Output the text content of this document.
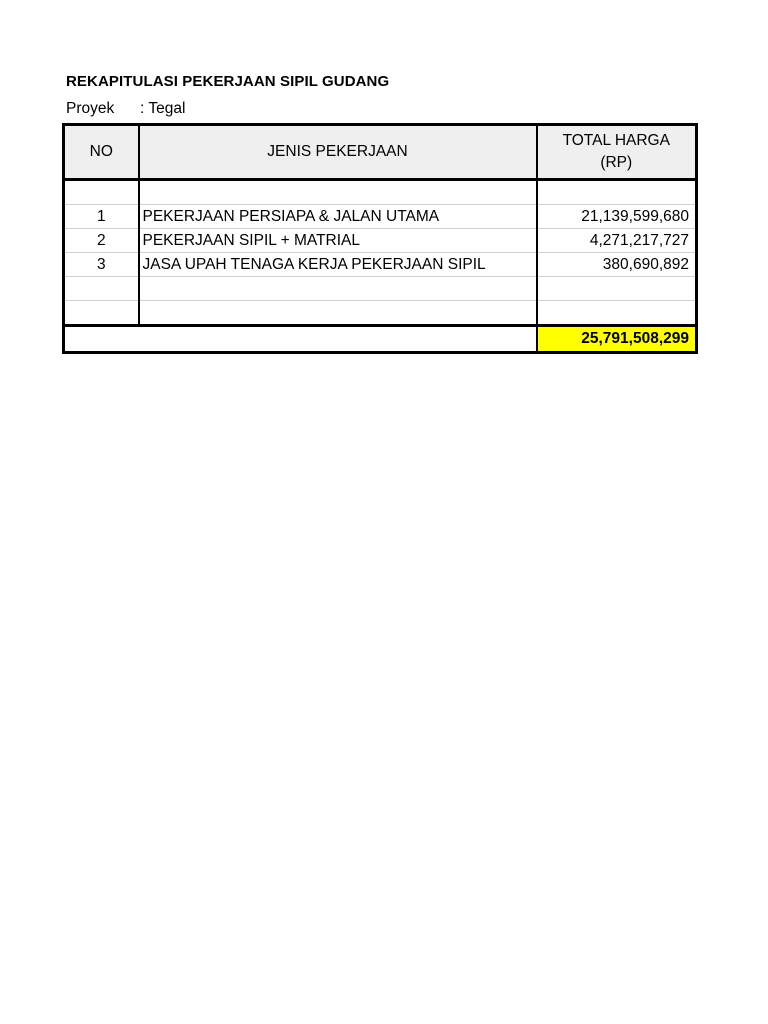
REKAPITULASI PEKERJAAN SIPIL GUDANG
Proyek : Tegal
NO	JENIS PEKERJAAN	TOTAL HARGA
(RP)

1	PEKERJAAN PERSIAPA & JALAN UTAMA	21,139,599,680
2	PEKERJAAN SIPIL + MATRIAL	4,271,217,727
3	JASA UPAH TENAGA KERJA PEKERJAAN SIPIL	380,690,892

		25,791,508,299
